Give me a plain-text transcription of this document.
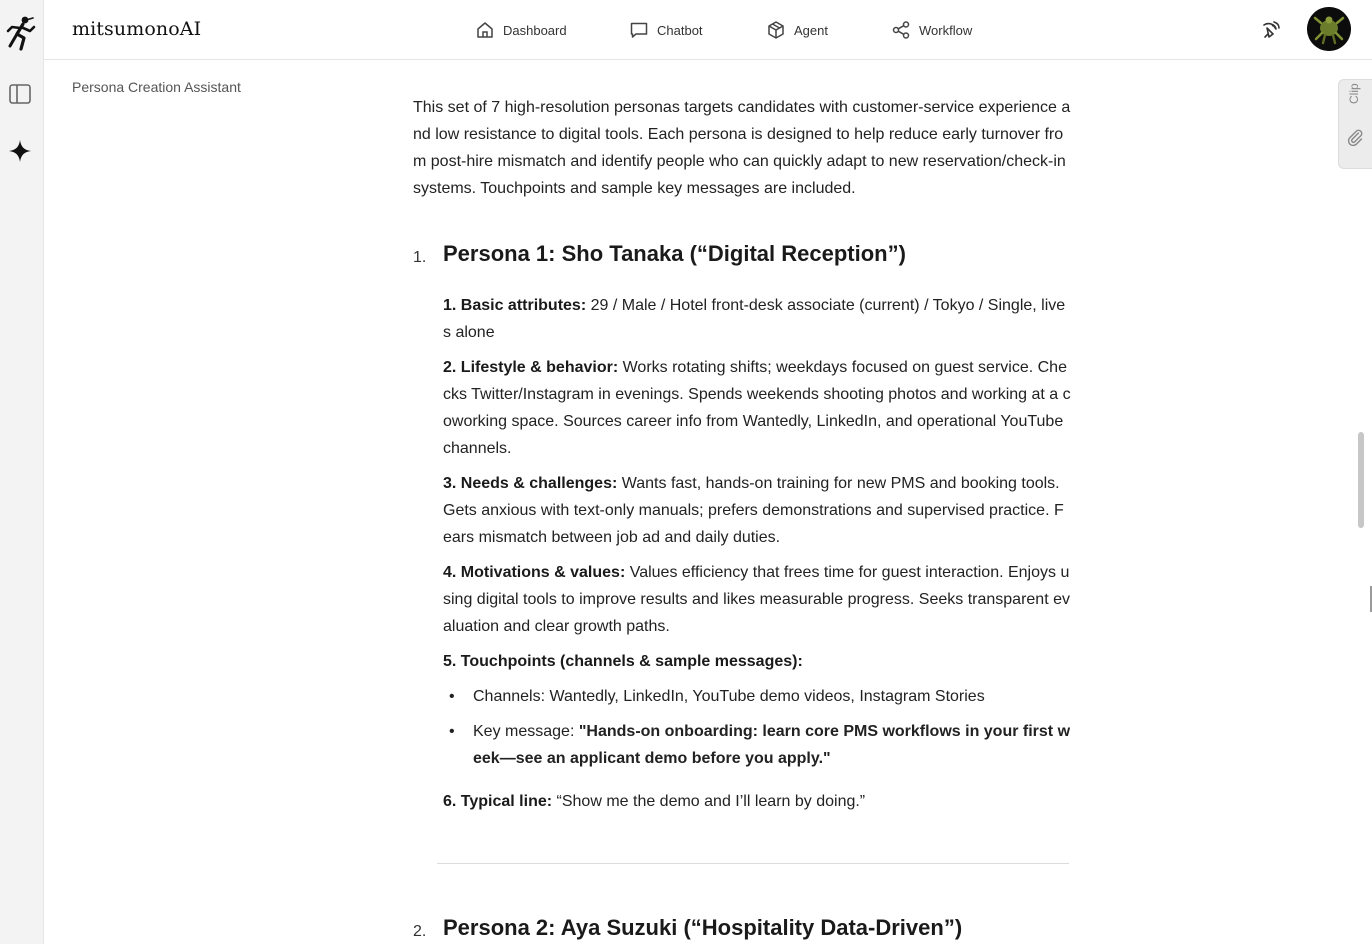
mitsumonoAI	Dashboard	Chatbot	Agent	Workflow
Persona Creation Assistant	Clip

This set of 7 high-resolution personas targets candidates with customer-service experience and low resistance to digital tools. Each persona is designed to help reduce early turnover from post-hire mismatch and identify people who can quickly adapt to new reservation/check-in systems. Touchpoints and sample key messages are included.

1. Persona 1: Sho Tanaka (“Digital Reception”)

1. Basic attributes: 29 / Male / Hotel front-desk associate (current) / Tokyo / Single, lives alone

2. Lifestyle & behavior: Works rotating shifts; weekdays focused on guest service. Checks Twitter/Instagram in evenings. Spends weekends shooting photos and working at a coworking space. Sources career info from Wantedly, LinkedIn, and operational YouTube channels.

3. Needs & challenges: Wants fast, hands-on training for new PMS and booking tools. Gets anxious with text-only manuals; prefers demonstrations and supervised practice. Fears mismatch between job ad and daily duties.

4. Motivations & values: Values efficiency that frees time for guest interaction. Enjoys using digital tools to improve results and likes measurable progress. Seeks transparent evaluation and clear growth paths.

5. Touchpoints (channels & sample messages):

• Channels: Wantedly, LinkedIn, YouTube demo videos, Instagram Stories
• Key message: "Hands-on onboarding: learn core PMS workflows in your first week—see an applicant demo before you apply."

6. Typical line: “Show me the demo and I’ll learn by doing.”

2. Persona 2: Aya Suzuki (“Hospitality Data-Driven”)
